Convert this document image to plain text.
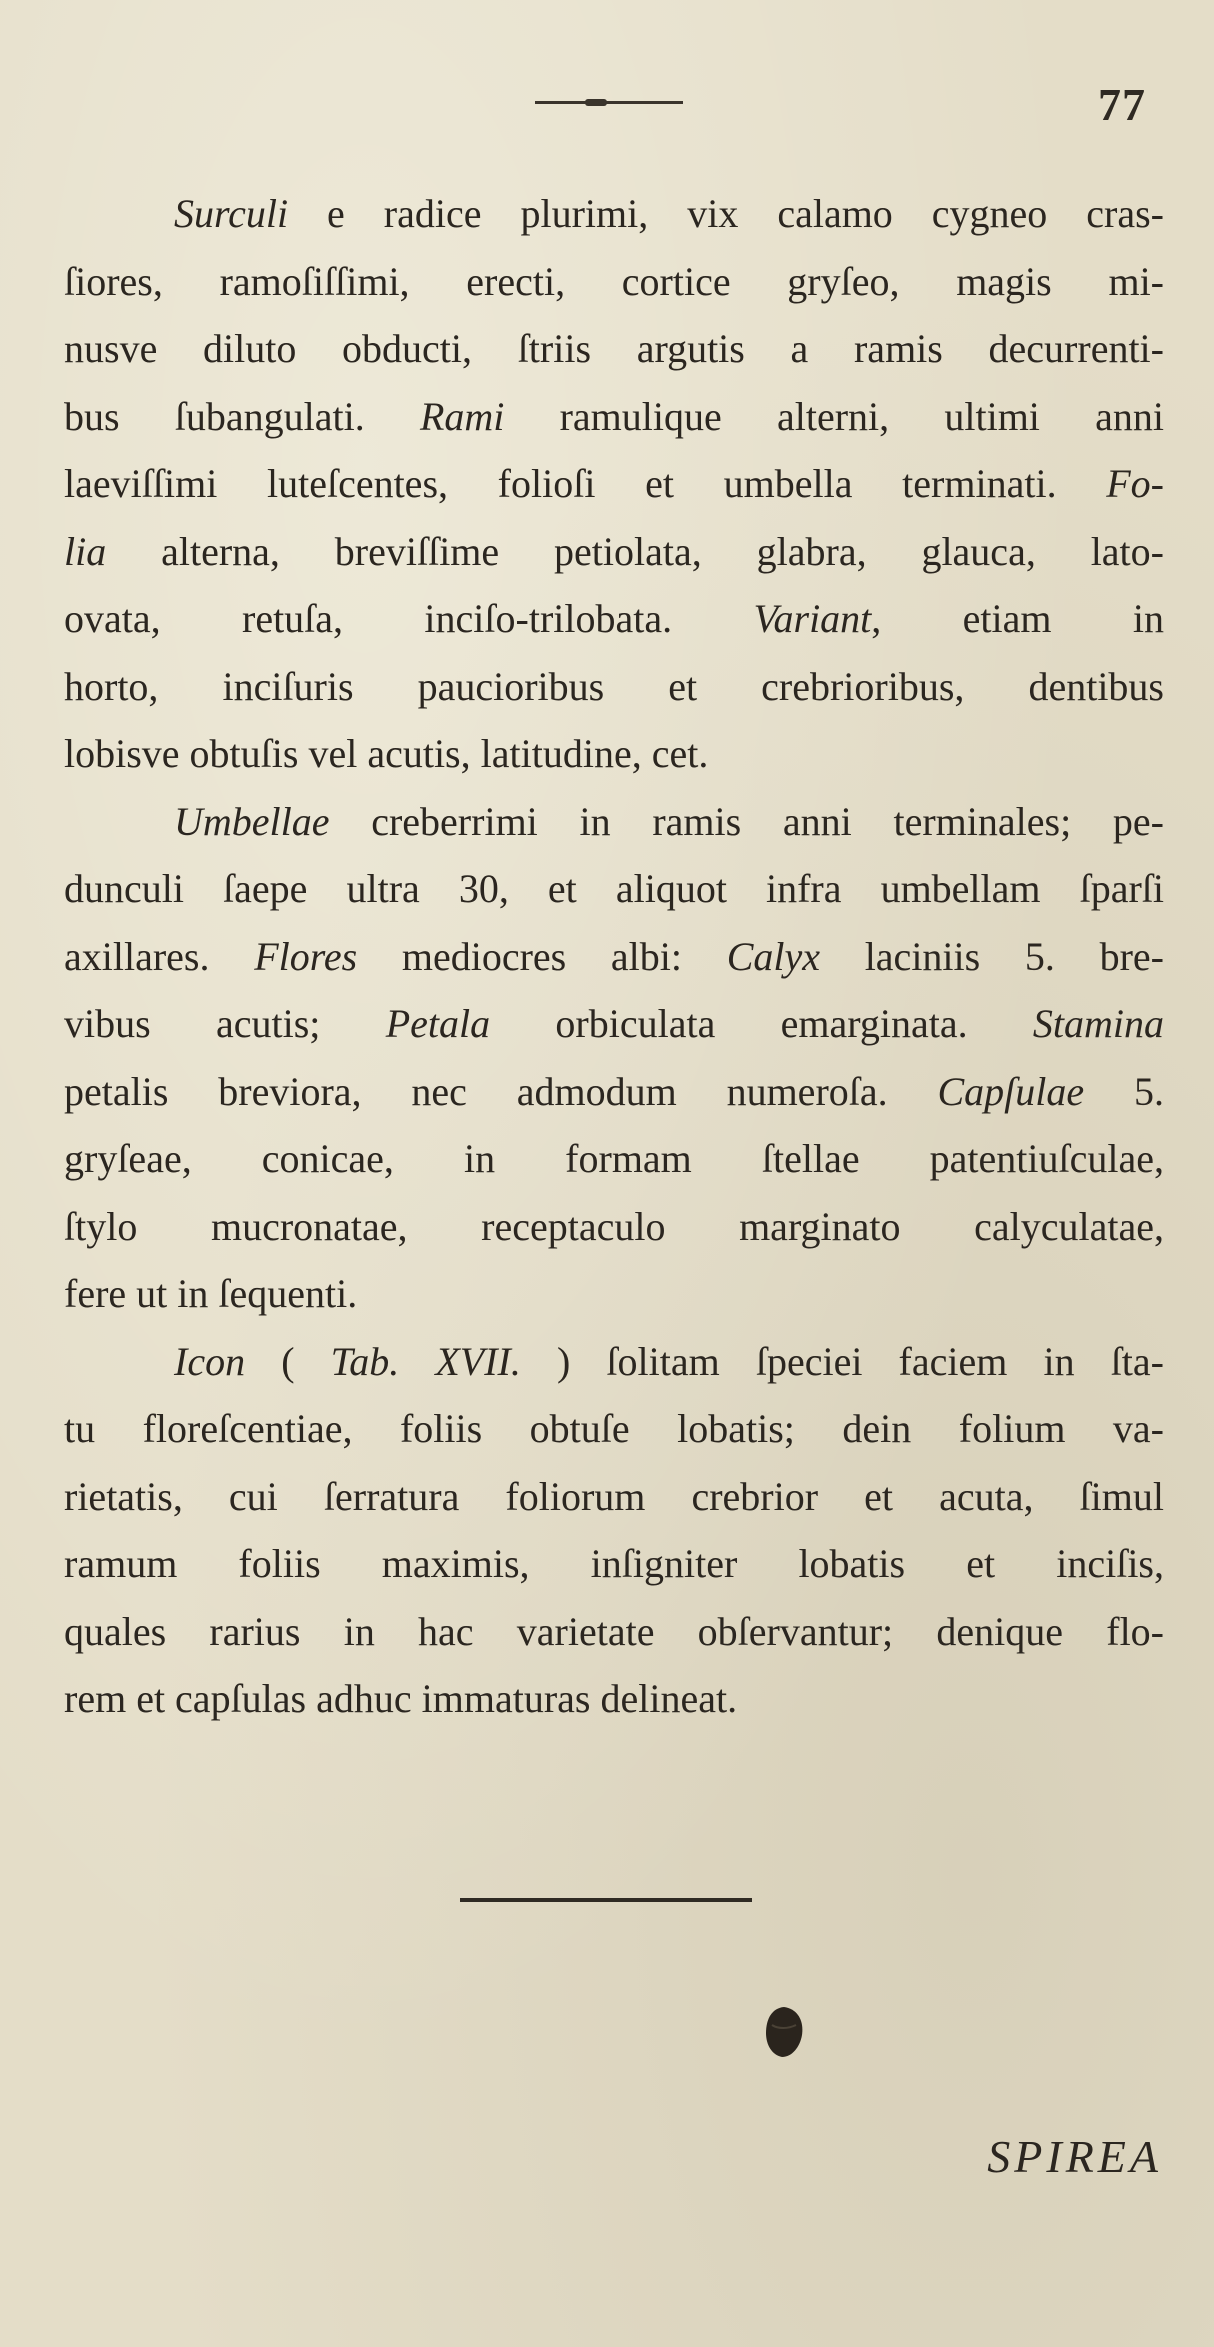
77
Surculi e radice plurimi, vix calamo cygneo cras-
ſiores, ramoſiſſimi, erecti, cortice gryſeo, magis mi-
nusve diluto obducti, ſtriis argutis a ramis decurrenti-
bus ſubangulati. Rami ramulique alterni, ultimi anni
laeviſſimi luteſcentes, folioſi et umbella terminati. Fo-
lia alterna, breviſſime petiolata, glabra, glauca, lato-
ovata, retuſa, inciſo-trilobata. Variant, etiam in
horto, inciſuris paucioribus et crebrioribus, dentibus
lobisve obtuſis vel acutis, latitudine, cet.
Umbellae creberrimi in ramis anni terminales; pe-
dunculi ſaepe ultra 30, et aliquot infra umbellam ſparſi
axillares. Flores mediocres albi: Calyx laciniis 5. bre-
vibus acutis; Petala orbiculata emarginata. Stamina
petalis breviora, nec admodum numeroſa. Capſulae 5.
gryſeae, conicae, in formam ſtellae patentiuſculae,
ſtylo mucronatae, receptaculo marginato calyculatae,
fere ut in ſequenti.
Icon ( Tab. XVII. ) ſolitam ſpeciei faciem in ſta-
tu floreſcentiae, foliis obtuſe lobatis; dein folium va-
rietatis, cui ſerratura foliorum crebrior et acuta, ſimul
ramum foliis maximis, inſigniter lobatis et inciſis,
quales rarius in hac varietate obſervantur; denique flo-
rem et capſulas adhuc immaturas delineat.
SPIREA
